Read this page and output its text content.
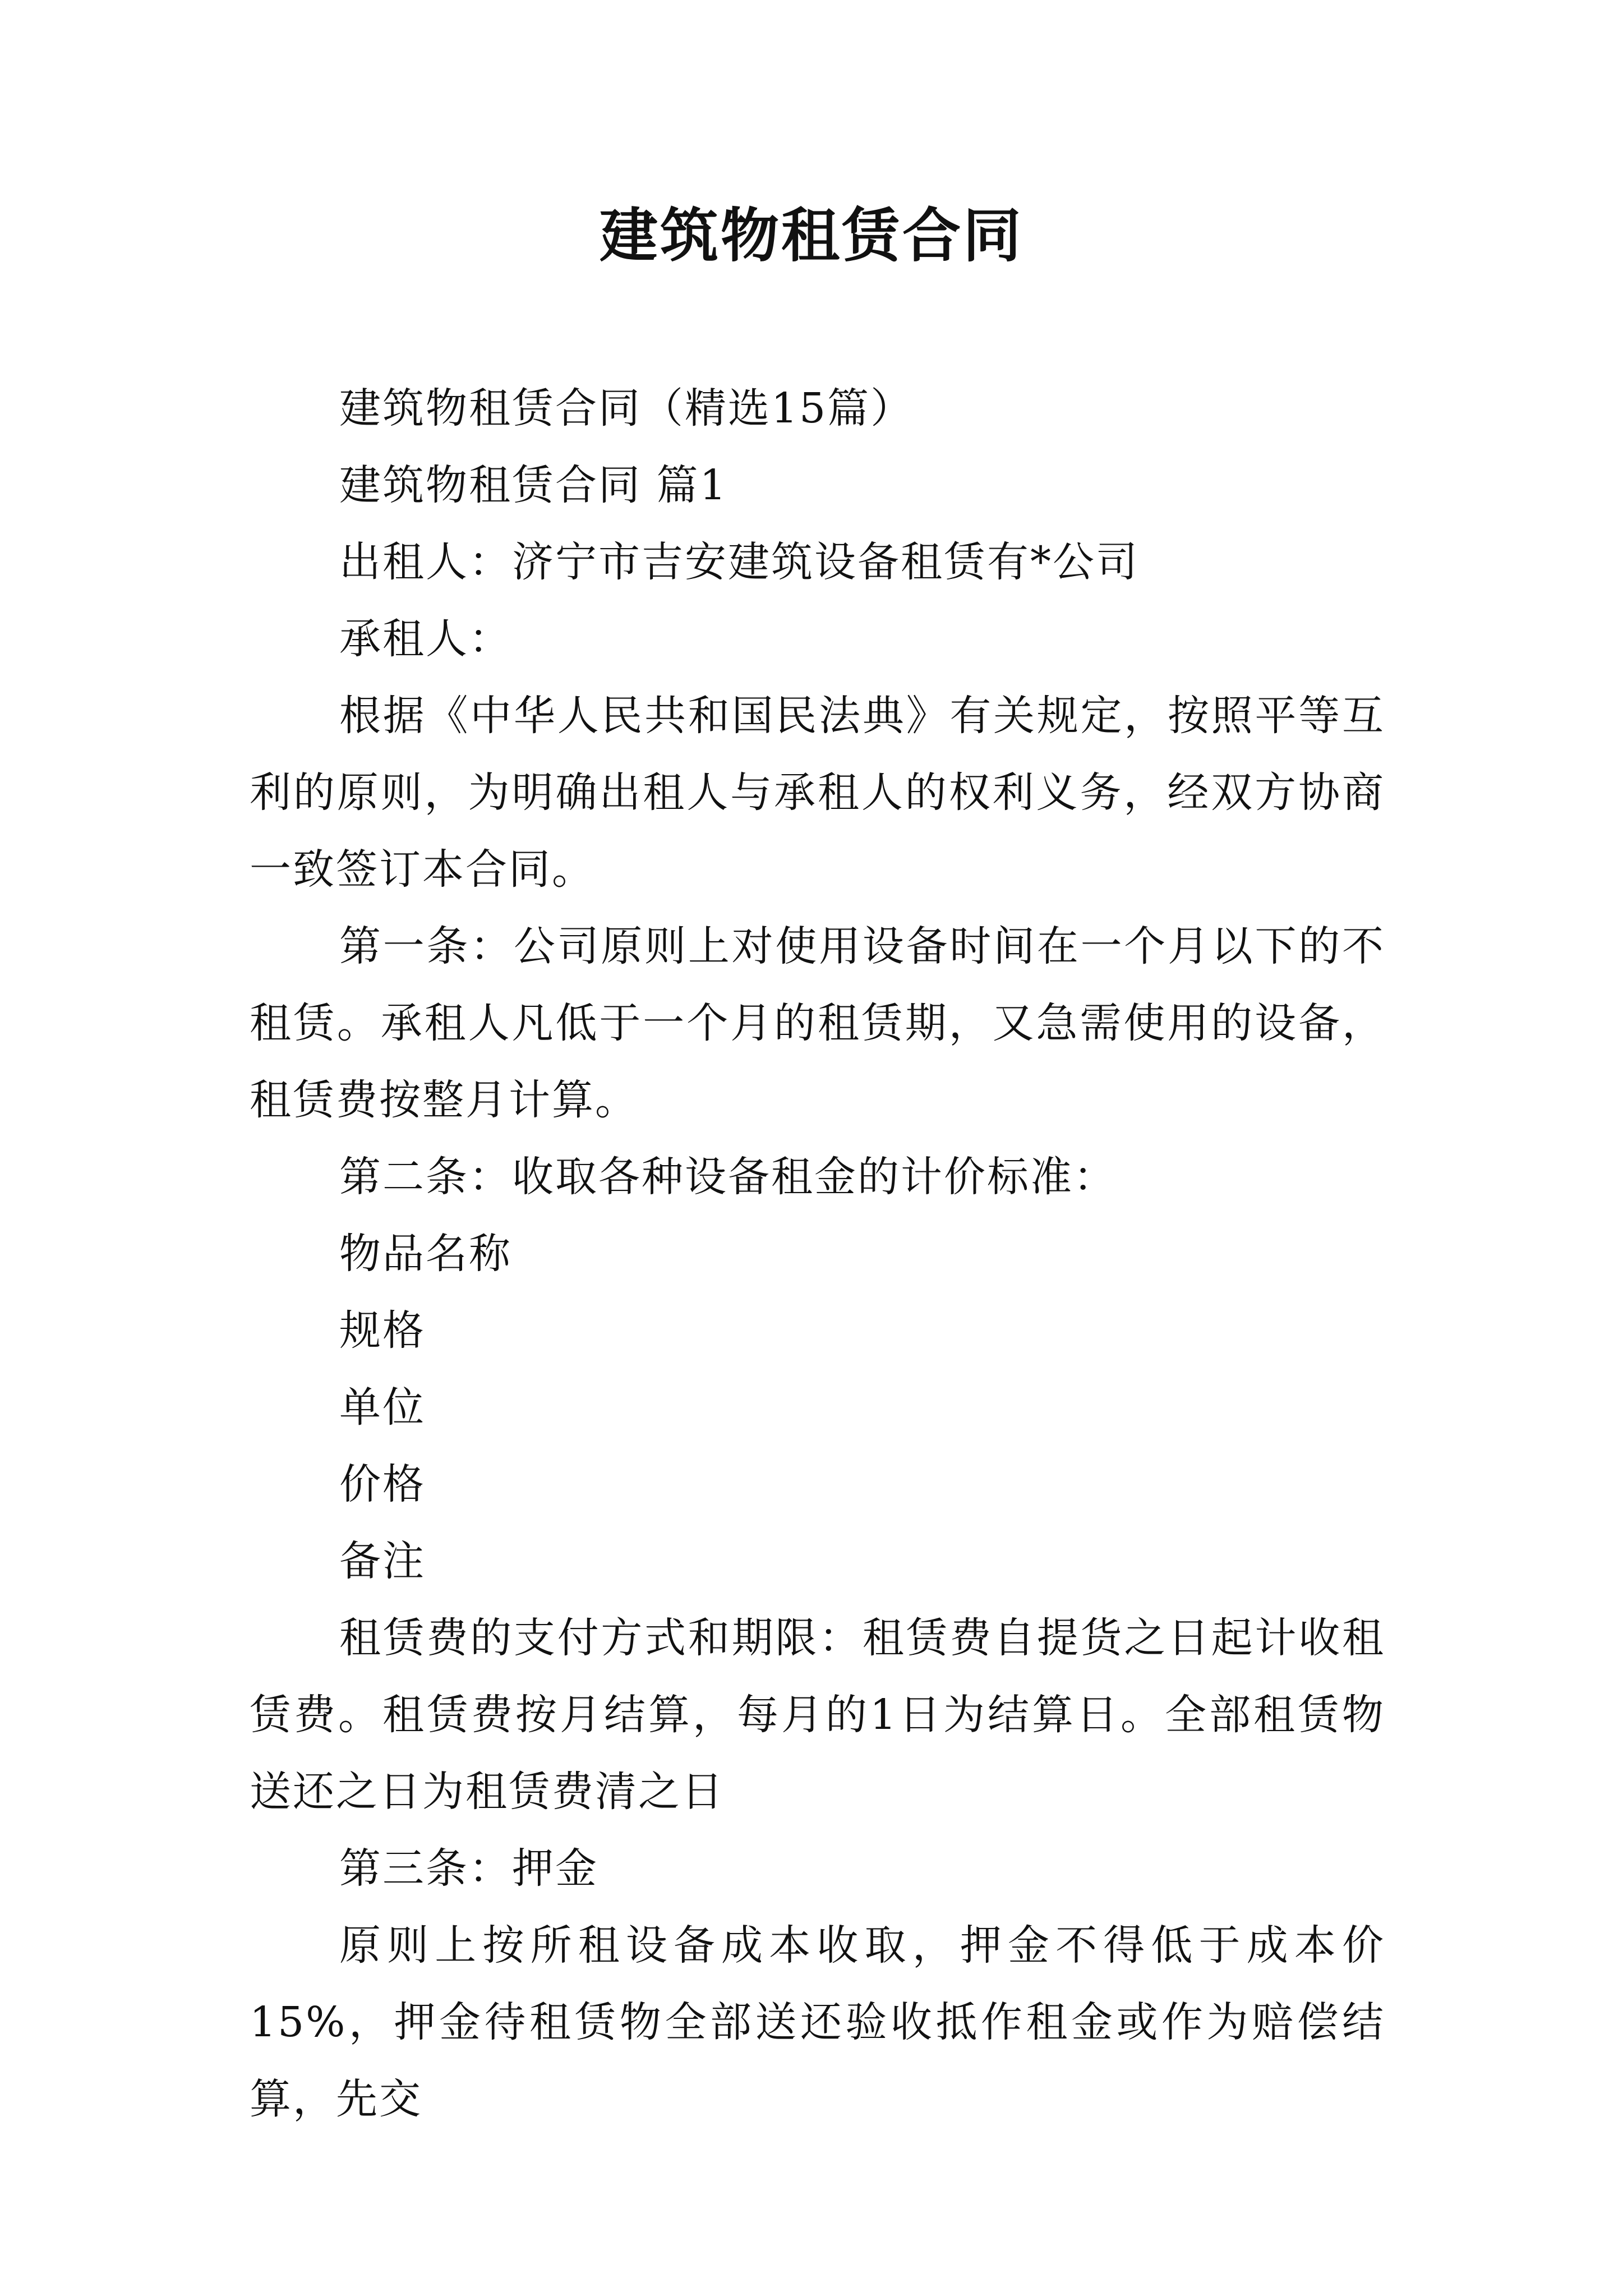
建筑物租赁合同

建筑物租赁合同（精选15篇）

建筑物租赁合同 篇1

出租人：济宁市吉安建筑设备租赁有*公司

承租人：

根据《中华人民共和国民法典》有关规定，按照平等互利的原则，为明确出租人与承租人的权利义务，经双方协商一致签订本合同。

第一条：公司原则上对使用设备时间在一个月以下的不租赁。承租人凡低于一个月的租赁期，又急需使用的设备，租赁费按整月计算。

第二条：收取各种设备租金的计价标准：

物品名称

规格

单位

价格

备注

租赁费的支付方式和期限：租赁费自提货之日起计收租赁费。租赁费按月结算，每月的1日为结算日。全部租赁物送还之日为租赁费清之日

第三条：押金

原则上按所租设备成本收取，押金不得低于成本价15%，押金待租赁物全部送还验收抵作租金或作为赔偿结算，先交
